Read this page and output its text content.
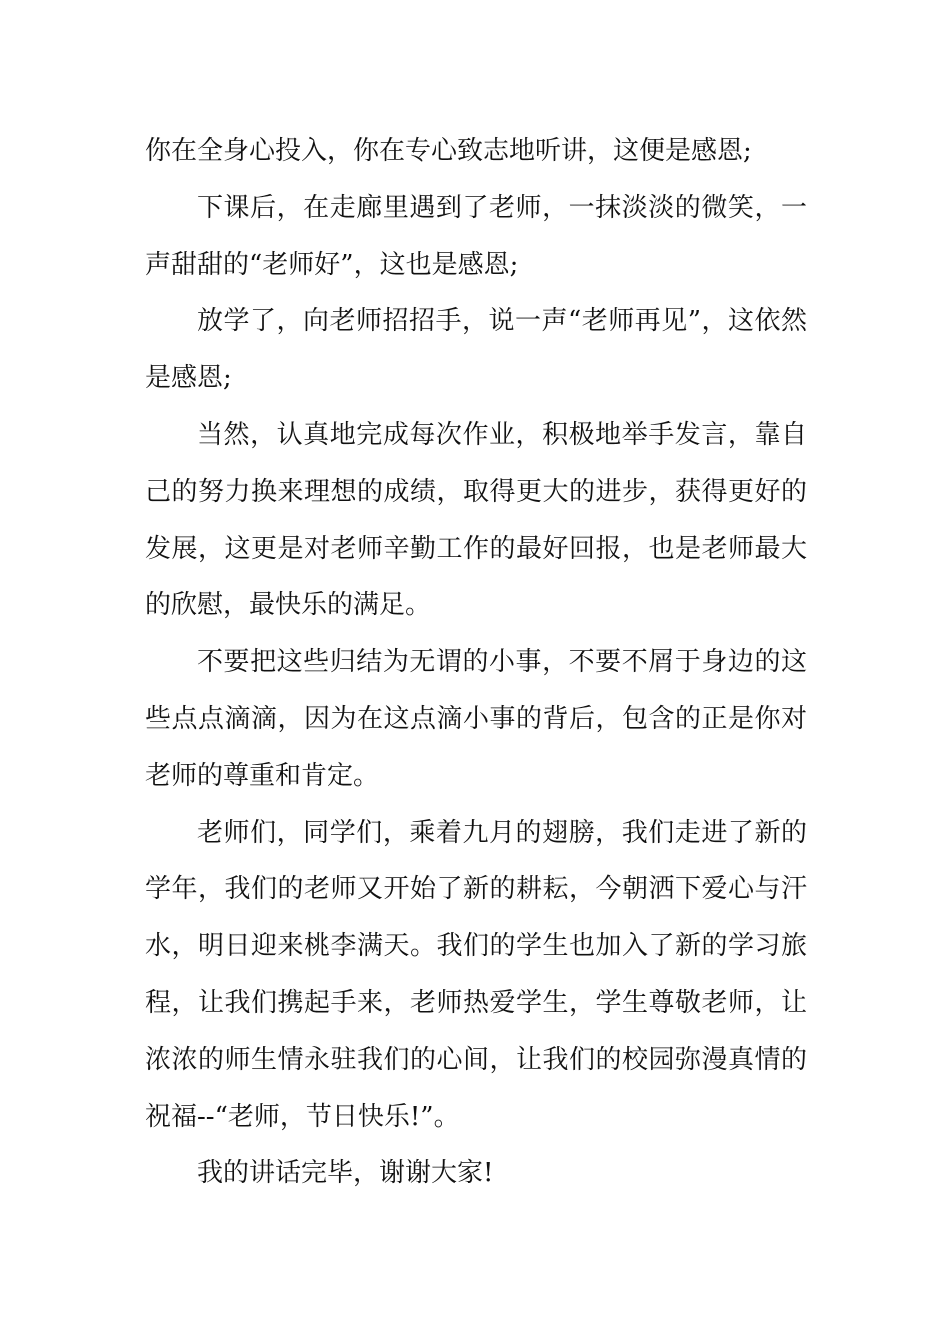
你在全身心投入，你在专心致志地听讲，这便是感恩;

下课后，在走廊里遇到了老师，一抹淡淡的微笑，一声甜甜的“老师好”，这也是感恩;

放学了，向老师招招手，说一声“老师再见”，这依然是感恩;

当然，认真地完成每次作业，积极地举手发言，靠自己的努力换来理想的成绩，取得更大的进步，获得更好的发展，这更是对老师辛勤工作的最好回报，也是老师最大的欣慰，最快乐的满足。

不要把这些归结为无谓的小事，不要不屑于身边的这些点点滴滴，因为在这点滴小事的背后，包含的正是你对老师的尊重和肯定。

老师们，同学们，乘着九月的翅膀，我们走进了新的学年，我们的老师又开始了新的耕耘，今朝洒下爱心与汗水，明日迎来桃李满天。我们的学生也加入了新的学习旅程，让我们携起手来，老师热爱学生，学生尊敬老师，让浓浓的师生情永驻我们的心间，让我们的校园弥漫真情的祝福--“老师，节日快乐!”。

我的讲话完毕，谢谢大家!
